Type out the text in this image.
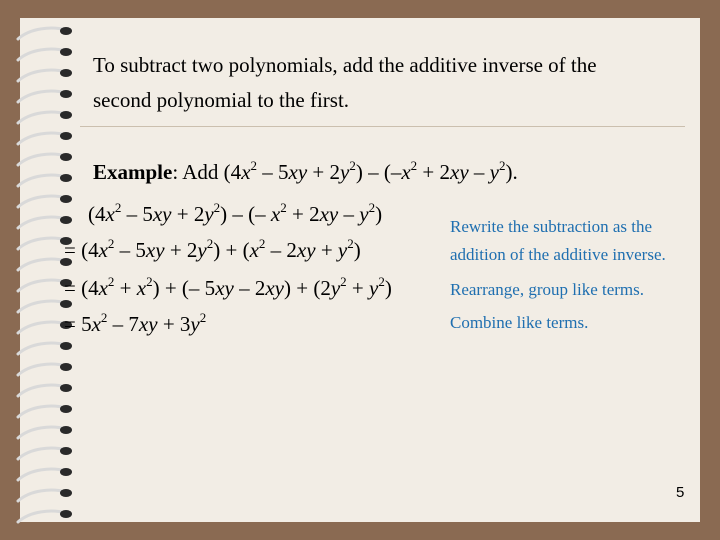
To subtract two polynomials, add the additive inverse of the
second polynomial to the first.
Example: Add $(4x^2 - 5xy + 2y^2) - (-x^2 + 2xy - y^2)$.
$(4x^2 - 5xy + 2y^2)$ – (– $x^2 + 2xy - y^2$)
= $(4x^2 - 5xy + 2y^2) + (x^2 - 2xy + y^2)$
= $(4x^2 + x^2)$ + (– $5xy - 2xy) + (2y^2 + y^2)$
= $5x^2 - 7xy + 3y^2$
Rewrite the subtraction as the
addition of the additive inverse.
Rearrange, group like terms.
Combine like terms.
5
